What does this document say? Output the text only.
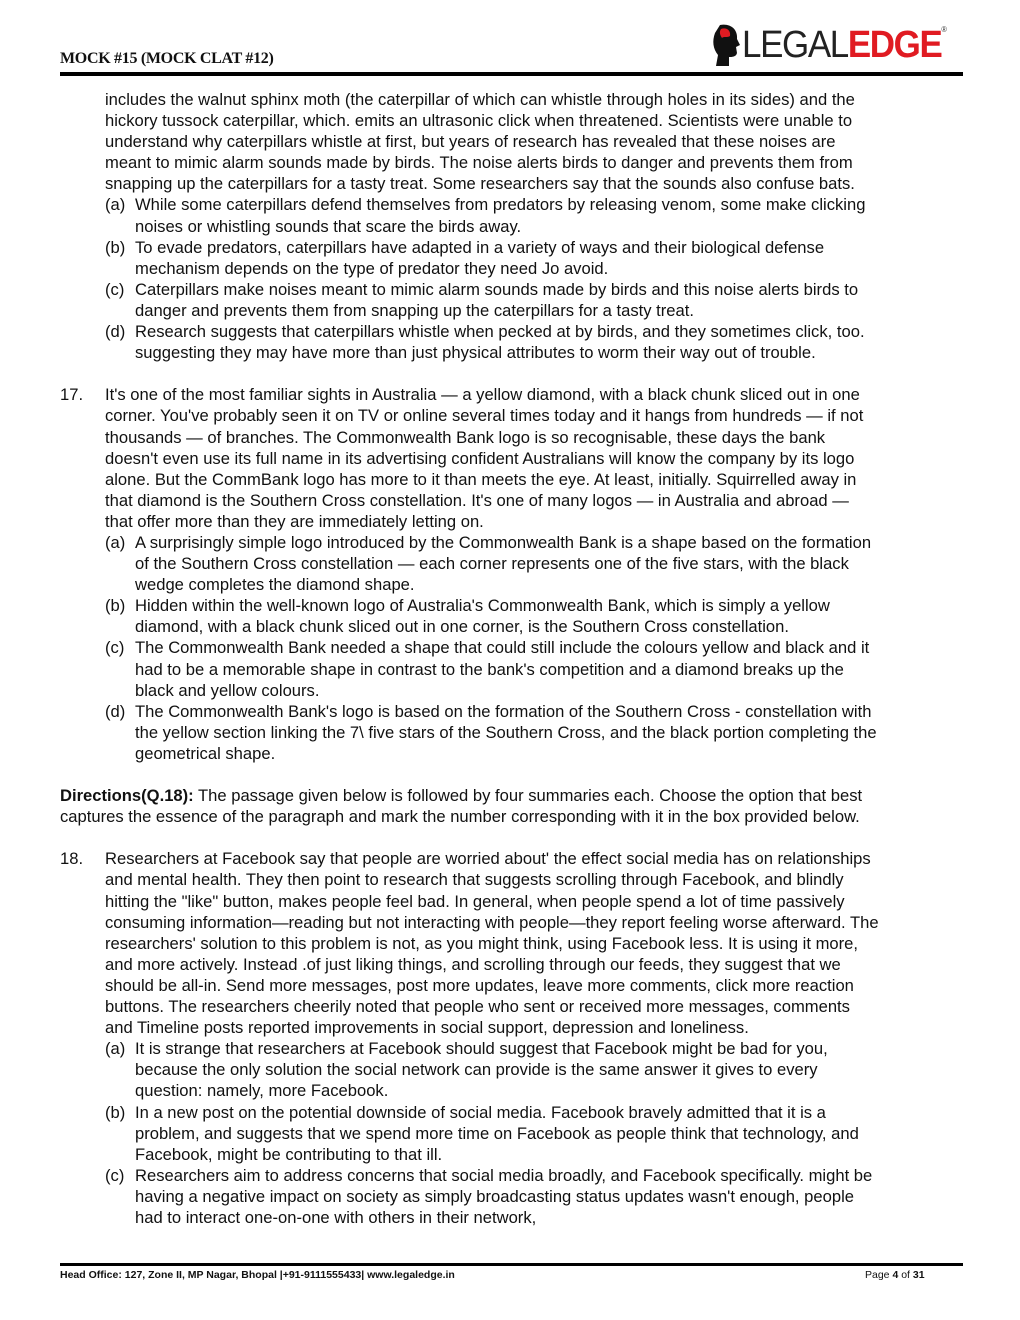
MOCK #15 (MOCK CLAT #12)	LEGALEDGE®
includes the walnut sphinx moth (the caterpillar of which can whistle through holes in its sides) and the
hickory tussock caterpillar, which. emits an ultrasonic click when threatened. Scientists were unable to
understand why caterpillars whistle at first, but years of research has revealed that these noises are
meant to mimic alarm sounds made by birds. The noise alerts birds to danger and prevents them from
snapping up the caterpillars for a tasty treat. Some researchers say that the sounds also confuse bats.
(a) While some caterpillars defend themselves from predators by releasing venom, some make clicking
noises or whistling sounds that scare the birds away.
(b) To evade predators, caterpillars have adapted in a variety of ways and their biological defense
mechanism depends on the type of predator they need Jo avoid.
(c) Caterpillars make noises meant to mimic alarm sounds made by birds and this noise alerts birds to
danger and prevents them from snapping up the caterpillars for a tasty treat.
(d) Research suggests that caterpillars whistle when pecked at by birds, and they sometimes click, too.
suggesting they may have more than just physical attributes to worm their way out of trouble.
17. It's one of the most familiar sights in Australia — a yellow diamond, with a black chunk sliced out in one
corner. You've probably seen it on TV or online several times today and it hangs from hundreds — if not
thousands — of branches. The Commonwealth Bank logo is so recognisable, these days the bank
doesn't even use its full name in its advertising confident Australians will know the company by its logo
alone. But the CommBank logo has more to it than meets the eye. At least, initially. Squirrelled away in
that diamond is the Southern Cross constellation. It's one of many logos — in Australia and abroad —
that offer more than they are immediately letting on.
(a) A surprisingly simple logo introduced by the Commonwealth Bank is a shape based on the formation
of the Southern Cross constellation — each corner represents one of the five stars, with the black
wedge completes the diamond shape.
(b) Hidden within the well-known logo of Australia's Commonwealth Bank, which is simply a yellow
diamond, with a black chunk sliced out in one corner, is the Southern Cross constellation.
(c) The Commonwealth Bank needed a shape that could still include the colours yellow and black and it
had to be a memorable shape in contrast to the bank's competition and a diamond breaks up the
black and yellow colours.
(d) The Commonwealth Bank's logo is based on the formation of the Southern Cross - constellation with
the yellow section linking the 7\ five stars of the Southern Cross, and the black portion completing the
geometrical shape.
Directions(Q.18): The passage given below is followed by four summaries each. Choose the option that best
captures the essence of the paragraph and mark the number corresponding with it in the box provided below.
18. Researchers at Facebook say that people are worried about' the effect social media has on relationships
and mental health. They then point to research that suggests scrolling through Facebook, and blindly
hitting the "like" button, makes people feel bad. In general, when people spend a lot of time passively
consuming information—reading but not interacting with people—they report feeling worse afterward. The
researchers' solution to this problem is not, as you might think, using Facebook less. It is using it more,
and more actively. Instead .of just liking things, and scrolling through our feeds, they suggest that we
should be all-in. Send more messages, post more updates, leave more comments, click more reaction
buttons. The researchers cheerily noted that people who sent or received more messages, comments
and Timeline posts reported improvements in social support, depression and loneliness.
(a) It is strange that researchers at Facebook should suggest that Facebook might be bad for you,
because the only solution the social network can provide is the same answer it gives to every
question: namely, more Facebook.
(b) In a new post on the potential downside of social media. Facebook bravely admitted that it is a
problem, and suggests that we spend more time on Facebook as people think that technology, and
Facebook, might be contributing to that ill.
(c) Researchers aim to address concerns that social media broadly, and Facebook specifically. might be
having a negative impact on society as simply broadcasting status updates wasn't enough, people
had to interact one-on-one with others in their network,
Head Office: 127, Zone II, MP Nagar, Bhopal |+91-9111555433| www.legaledge.in	Page 4 of 31
